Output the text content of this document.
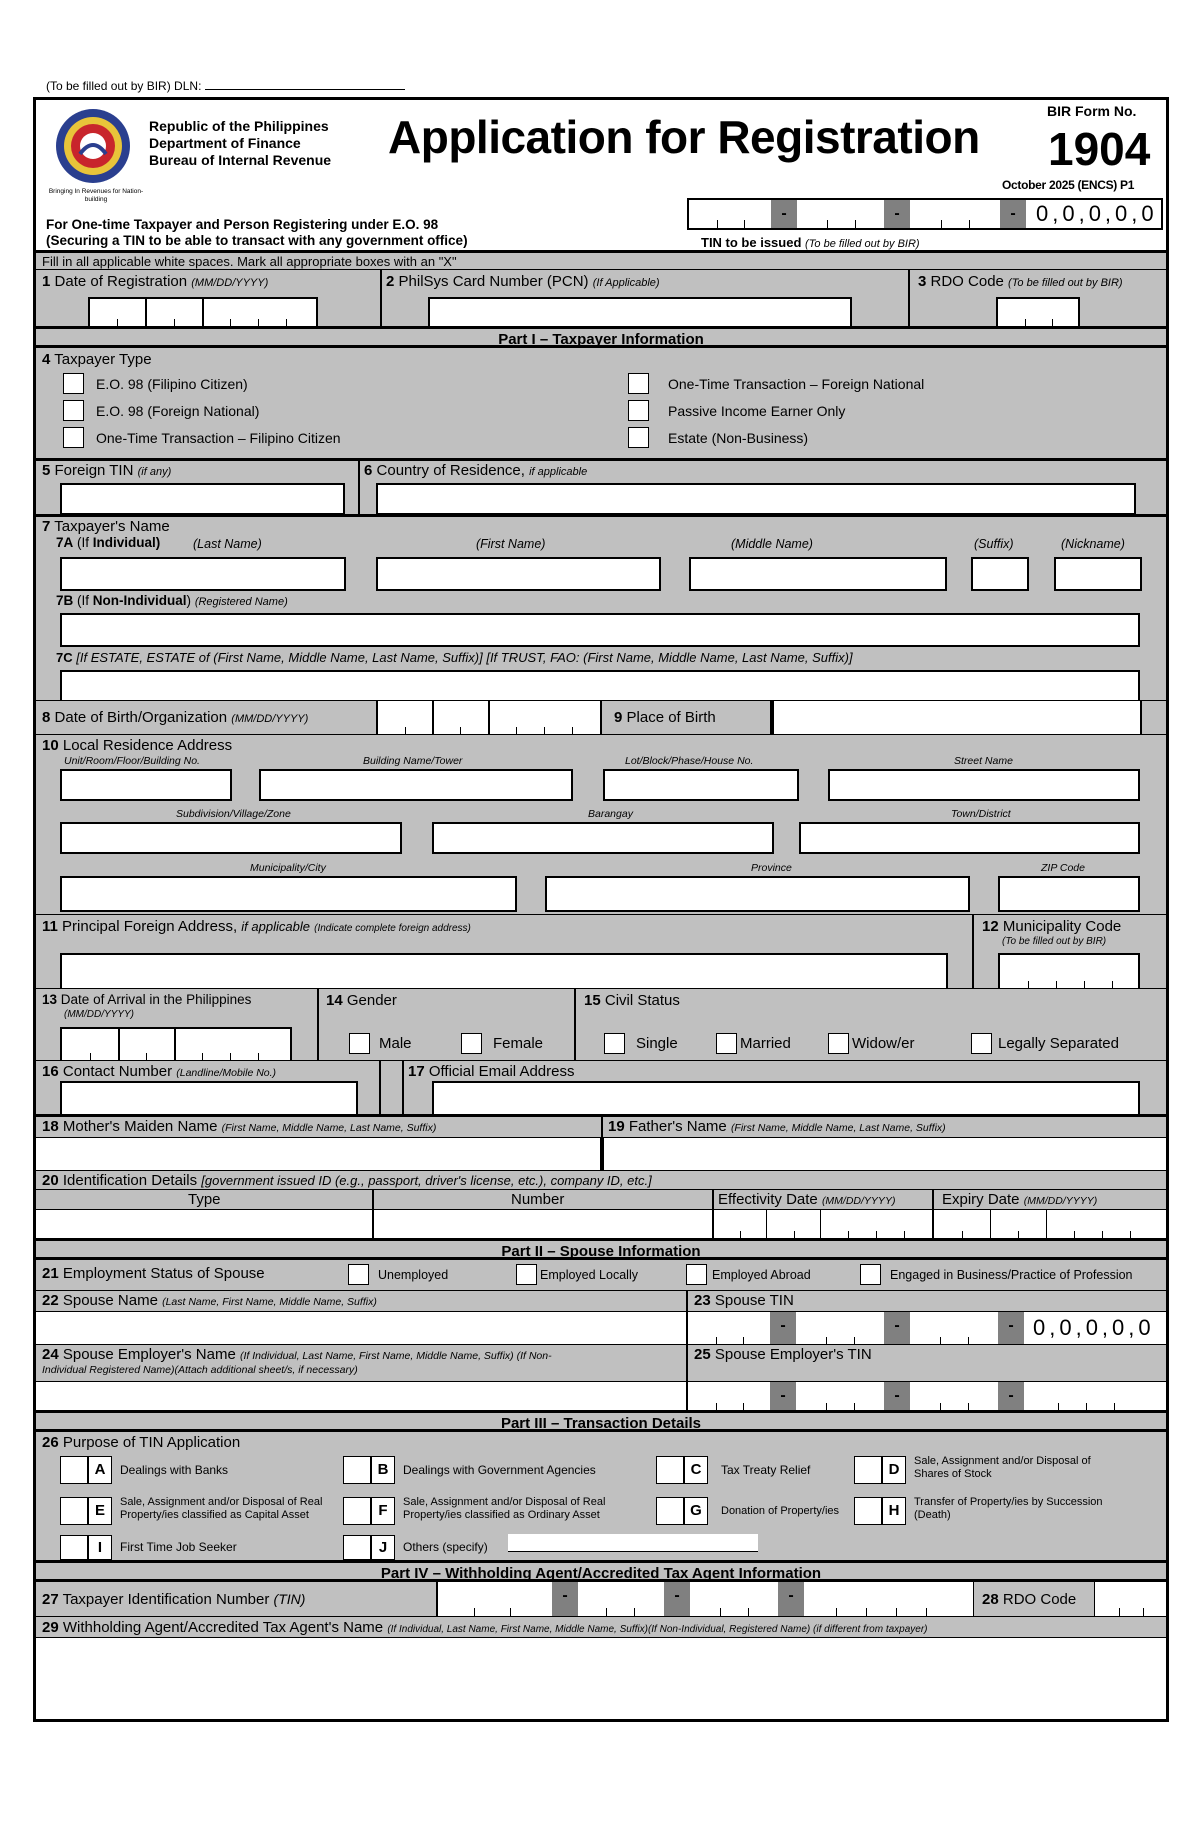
(To be filled out by BIR) DLN:
Bringing In Revenues for Nation-building
Republic of the Philippines
Department of Finance
Bureau of Internal Revenue Application for Registration	BIR Form No.
1904
October 2025 (ENCS) P1
-	-	- 0,0,0,0,0
For One-time Taxpayer and Person Registering under E.O. 98
(Securing a TIN to be able to transact with any government office)	TIN to be issued (To be filled out by BIR)
Fill in all applicable white spaces. Mark all appropriate boxes with an "X"
1 Date of Registration (MM/DD/YYYY)	2 PhilSys Card Number (PCN) (If Applicable)	3 RDO Code (To be filled out by BIR)
Part I – Taxpayer Information
4 Taxpayer Type
E.O. 98 (Filipino Citizen)
E.O. 98 (Foreign National)
One-Time Transaction – Filipino Citizen
One-Time Transaction – Foreign National
Passive Income Earner Only
Estate (Non-Business)
5 Foreign TIN (if any)	6 Country of Residence, if applicable
7 Taxpayer's Name
7A (If Individual)	(Last Name)	(First Name)	(Middle Name)	(Suffix)	(Nickname)
7B (If Non-Individual) (Registered Name)
7C [If ESTATE, ESTATE of (First Name, Middle Name, Last Name, Suffix)] [If TRUST, FAO: (First Name, Middle Name, Last Name, Suffix)]
8 Date of Birth/Organization (MM/DD/YYYY)	9 Place of Birth
10 Local Residence Address
Unit/Room/Floor/Building No.	Building Name/Tower	Lot/Block/Phase/House No.	Street Name
Subdivision/Village/Zone	Barangay	Town/District
Municipality/City	Province	ZIP Code
11 Principal Foreign Address, if applicable (Indicate complete foreign address)	12 Municipality Code
(To be filled out by BIR)
13 Date of Arrival in the Philippines
(MM/DD/YYYY)
14 Gender
Male	Female
15 Civil Status
Single	Married	Widow/er	Legally Separated
16 Contact Number (Landline/Mobile No.)	17 Official Email Address
18 Mother's Maiden Name (First Name, Middle Name, Last Name, Suffix)	19 Father's Name (First Name, Middle Name, Last Name, Suffix)
20 Identification Details [government issued ID (e.g., passport, driver's license, etc.), company ID, etc.]
Type	Number	Effectivity Date (MM/DD/YYYY)	Expiry Date (MM/DD/YYYY)
Part II – Spouse Information
21 Employment Status of Spouse	Unemployed	Employed Locally	Employed Abroad	Engaged in Business/Practice of Profession
22 Spouse Name (Last Name, First Name, Middle Name, Suffix)	23 Spouse TIN
-	-	- 0,0,0,0,0
24 Spouse Employer's Name (If Individual, Last Name, First Name, Middle Name, Suffix) (If Non-
Individual Registered Name)(Attach additional sheet/s, if necessary)
25 Spouse Employer's TIN
-	-	-
Part III – Transaction Details
26 Purpose of TIN Application
A	Dealings with Banks	B	Dealings with Government Agencies	C	Tax Treaty Relief	D	Sale, Assignment and/or Disposal of
Shares of Stock
E	Sale, Assignment and/or Disposal of Real
Property/ies classified as Capital Asset	F	Sale, Assignment and/or Disposal of Real
Property/ies classified as Ordinary Asset	G	Donation of Property/ies	H	Transfer of Property/ies by Succession
(Death)
I	First Time Job Seeker	J	Others (specify)
Part IV – Withholding Agent/Accredited Tax Agent Information
27 Taxpayer Identification Number (TIN)	-	-	-	28 RDO Code
29 Withholding Agent/Accredited Tax Agent's Name (If Individual, Last Name, First Name, Middle Name, Suffix)(If Non-Individual, Registered Name) (if different from taxpayer)
